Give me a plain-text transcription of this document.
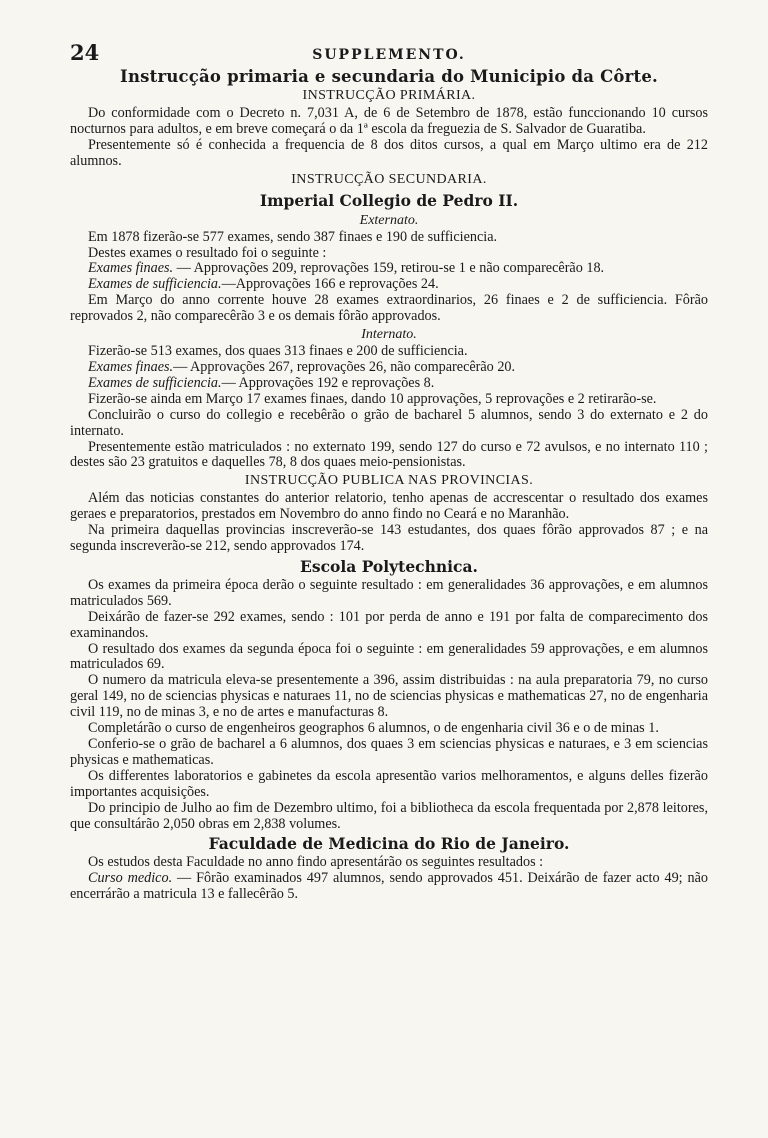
24	SUPPLEMENTO.
Instrucção primaria e secundaria do Municipio da Côrte.
INSTRUCÇÃO PRIMÁRIA.

Do conformidade com o Decreto n. 7,031 A, de 6 de Setembro de 1878, estão funccionando 10 cursos nocturnos para adultos, e em breve começará o da 1ª escola da freguezia de S. Salvador de Guaratiba.

Presentemente só é conhecida a frequencia de 8 dos ditos cursos, a qual em Março ultimo era de 212 alumnos.

INSTRUCÇÃO SECUNDARIA.
Imperial Collegio de Pedro II.
Externato.

Em 1878 fizerão-se 577 exames, sendo 387 finaes e 190 de sufficiencia.

Destes exames o resultado foi o seguinte :

Exames finaes. — Approvações 209, reprovações 159, retirou-se 1 e não comparecêrão 18.

Exames de sufficiencia.—Approvações 166 e reprovações 24.

Em Março do anno corrente houve 28 exames extraordinarios, 26 finaes e 2 de sufficiencia. Fôrão reprovados 2, não comparecêrão 3 e os demais fôrão approvados.

Internato.

Fizerão-se 513 exames, dos quaes 313 finaes e 200 de sufficiencia.

Exames finaes.— Approvações 267, reprovações 26, não comparecêrão 20.

Exames de sufficiencia.— Approvações 192 e reprovações 8.

Fizerão-se ainda em Março 17 exames finaes, dando 10 approvações, 5 reprovações e 2 retirarão-se.

Concluirão o curso do collegio e recebêrão o grão de bacharel 5 alumnos, sendo 3 do externato e 2 do internato.

Presentemente estão matriculados : no externato 199, sendo 127 do curso e 72 avulsos, e no internato 110 ; destes são 23 gratuitos e daquelles 78, 8 dos quaes meio-pensionistas.

INSTRUCÇÃO PUBLICA NAS PROVINCIAS.

Além das noticias constantes do anterior relatorio, tenho apenas de accrescentar o resultado dos exames geraes e preparatorios, prestados em Novembro do anno findo no Ceará e no Maranhão.

Na primeira daquellas provincias inscreverão-se 143 estudantes, dos quaes fôrão approvados 87 ; e na segunda inscreverão-se 212, sendo approvados 174.

Escola Polytechnica.

Os exames da primeira época derão o seguinte resultado : em generalidades 36 approvações, e em alumnos matriculados 569.

Deixárão de fazer-se 292 exames, sendo : 101 por perda de anno e 191 por falta de comparecimento dos examinandos.

O resultado dos exames da segunda época foi o seguinte : em generalidades 59 approvações, e em alumnos matriculados 69.

O numero da matricula eleva-se presentemente a 396, assim distribuidas : na aula preparatoria 79, no curso geral 149, no de sciencias physicas e naturaes 11, no de sciencias physicas e mathematicas 27, no de engenharia civil 119, no de minas 3, e no de artes e manufacturas 8.

Completárão o curso de engenheiros geographos 6 alumnos, o de engenharia civil 36 e o de minas 1.

Conferio-se o grão de bacharel a 6 alumnos, dos quaes 3 em sciencias physicas e naturaes, e 3 em sciencias physicas e mathematicas.

Os differentes laboratorios e gabinetes da escola apresentão varios melhoramentos, e alguns delles fizerão importantes acquisições.

Do principio de Julho ao fim de Dezembro ultimo, foi a bibliotheca da escola frequentada por 2,878 leitores, que consultárão 2,050 obras em 2,838 volumes.

Faculdade de Medicina do Rio de Janeiro.

Os estudos desta Faculdade no anno findo apresentárão os seguintes resultados :

Curso medico. — Fôrão examinados 497 alumnos, sendo approvados 451. Deixárão de fazer acto 49; não encerrárão a matricula 13 e fallecêrão 5.
